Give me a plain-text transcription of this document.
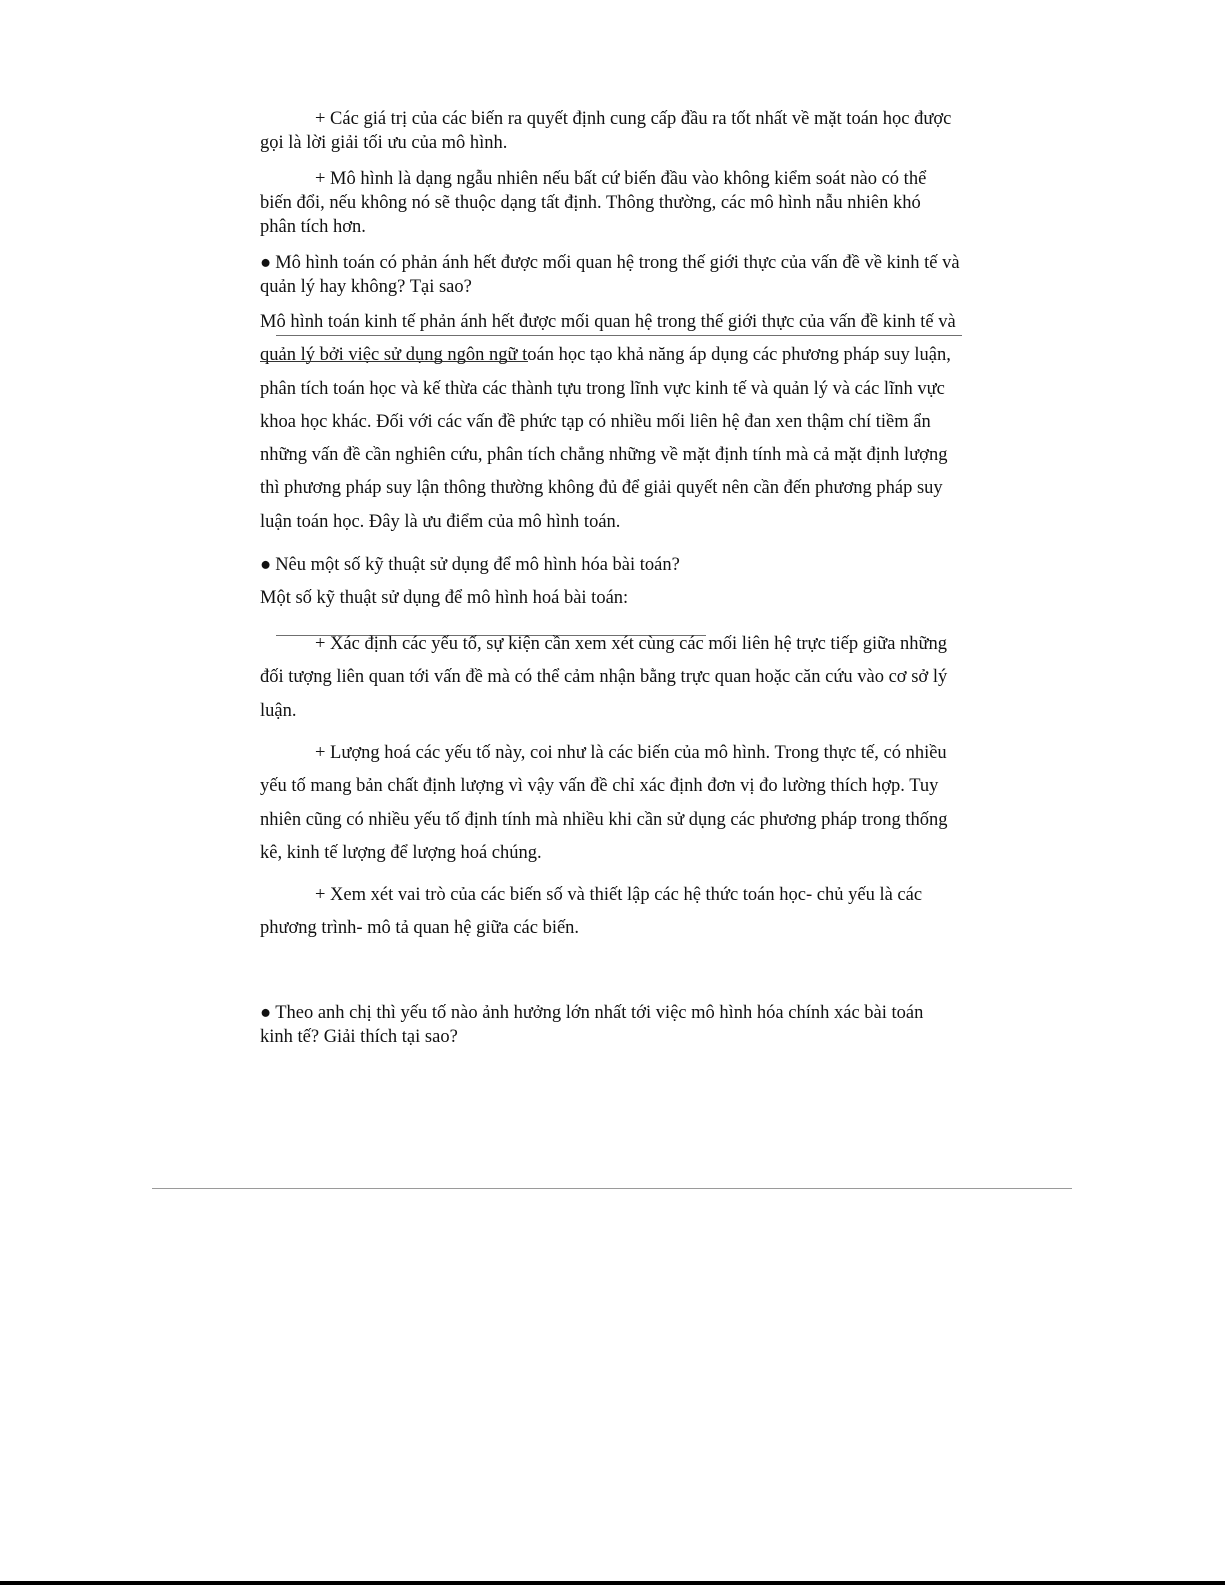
+ Các giá trị của các biến ra quyết định cung cấp đầu ra tốt nhất về mặt toán học được gọi là lời giải tối ưu của mô hình.

+ Mô hình là dạng ngẫu nhiên nếu bất cứ biến đầu vào không kiểm soát nào có thể biến đổi, nếu không nó sẽ thuộc dạng tất định. Thông thường, các mô hình nẫu nhiên khó phân tích hơn.

● Mô hình toán có phản ánh hết được mối quan hệ trong thế giới thực của vấn đề về kinh tế và quản lý hay không? Tại sao?

Mô hình toán kinh tế phản ánh hết được mối quan hệ trong thế giới thực của vấn đề kinh tế và quản lý bởi việc sử dụng ngôn ngữ toán học tạo khả năng áp dụng các phương pháp suy luận, phân tích toán học và kế thừa các thành tựu trong lĩnh vực kinh tế và quản lý và các lĩnh vực khoa học khác. Đối với các vấn đề phức tạp có nhiều mối liên hệ đan xen thậm chí tiềm ẩn những vấn đề cần nghiên cứu, phân tích chẳng những về mặt định tính mà cả mặt định lượng thì phương pháp suy lận thông thường không đủ để giải quyết nên cần đến phương pháp suy luận toán học. Đây là ưu điểm của mô hình toán.

● Nêu một số kỹ thuật sử dụng để mô hình hóa bài toán?

Một số kỹ thuật sử dụng để mô hình hoá bài toán:

+ Xác định các yếu tố, sự kiện cần xem xét cùng các mối liên hệ trực tiếp giữa những đối tượng liên quan tới vấn đề mà có thể cảm nhận bằng trực quan hoặc căn cứu vào cơ sở lý luận.

+ Lượng hoá các yếu tố này, coi như là các biến của mô hình. Trong thực tế, có nhiều yếu tố mang bản chất định lượng vì vậy vấn đề chỉ xác định đơn vị đo lường thích hợp. Tuy nhiên cũng có nhiều yếu tố định tính mà nhiều khi cần sử dụng các phương pháp trong thống kê, kinh tế lượng để lượng hoá chúng.

+ Xem xét vai trò của các biến số và thiết lập các hệ thức toán học- chủ yếu là các phương trình- mô tả quan hệ giữa các biến.

● Theo anh chị thì yếu tố nào ảnh hưởng lớn nhất tới việc mô hình hóa chính xác bài toán kinh tế? Giải thích tại sao?
